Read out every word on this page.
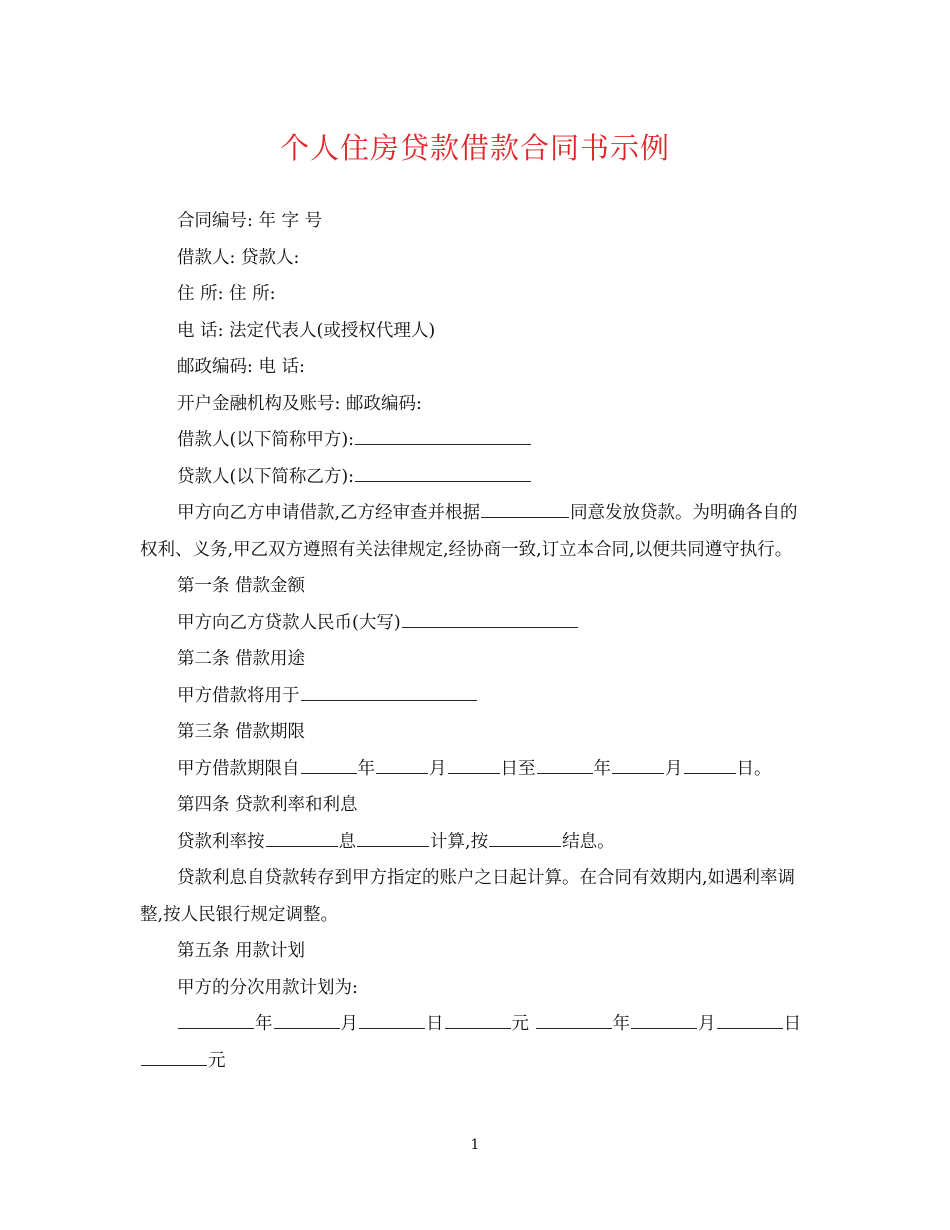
个人住房贷款借款合同书示例

合同编号: 年 字 号

借款人: 贷款人:

住 所: 住 所:

电 话: 法定代表人(或授权代理人)

邮政编码: 电 话:

开户金融机构及账号: 邮政编码:

借款人(以下简称甲方):

贷款人(以下简称乙方):

甲方向乙方申请借款,乙方经审查并根据	同意发放贷款。为明确各自的权利、义务,甲乙双方遵照有关法律规定,经协商一致,订立本合同,以便共同遵守执行。

第一条 借款金额

甲方向乙方贷款人民币(大写)

第二条 借款用途

甲方借款将用于

第三条 借款期限

甲方借款期限自	年	月	日至	年	月	日。

第四条 贷款利率和利息

贷款利率按	息	计算,按	结息。

贷款利息自贷款转存到甲方指定的账户之日起计算。在合同有效期内,如遇利率调整,按人民银行规定调整。

第五条 用款计划

甲方的分次用款计划为:

年	月	日	元	年	月	日元

1
